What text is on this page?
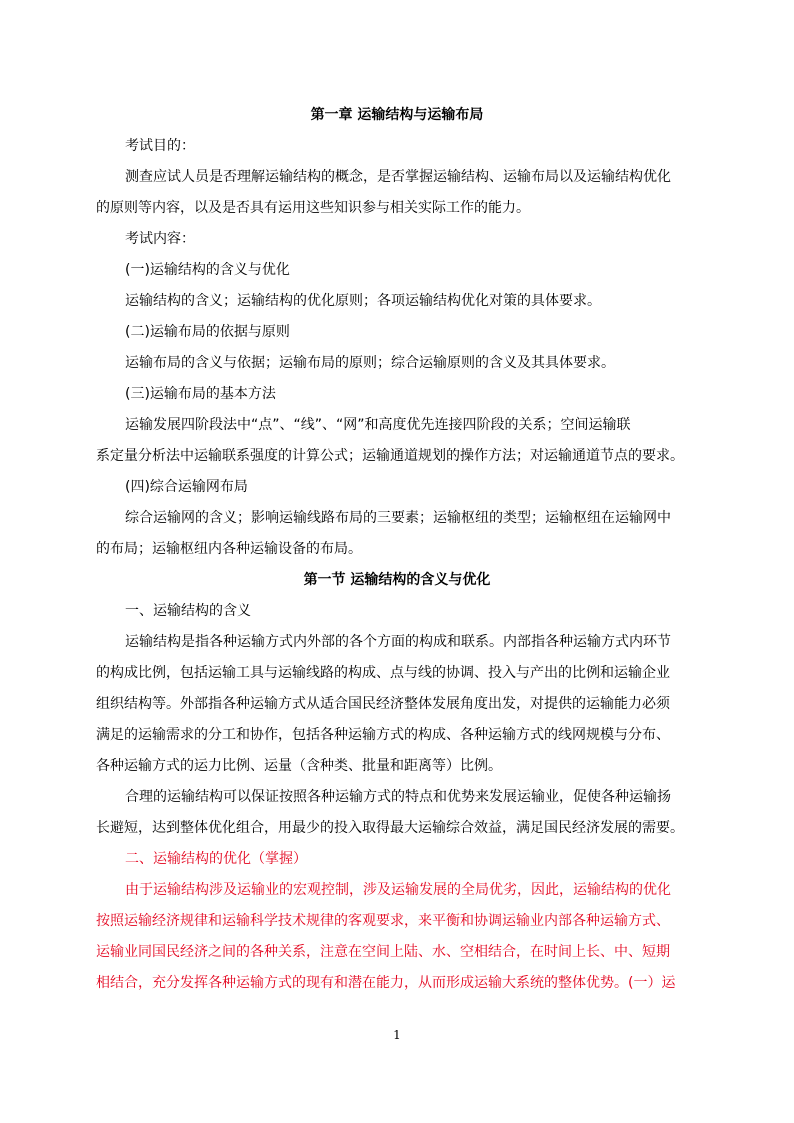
第一章 运输结构与运输布局
考试目的：
测查应试人员是否理解运输结构的概念，是否掌握运输结构、运输布局以及运输结构优化
的原则等内容，以及是否具有运用这些知识参与相关实际工作的能力。
考试内容：
(一)运输结构的含义与优化
运输结构的含义；运输结构的优化原则；各项运输结构优化对策的具体要求。
(二)运输布局的依据与原则
运输布局的含义与依据；运输布局的原则；综合运输原则的含义及其具体要求。
(三)运输布局的基本方法
运输发展四阶段法中“点”、“线”、“网”和高度优先连接四阶段的关系；空间运输联
系定量分析法中运输联系强度的计算公式；运输通道规划的操作方法；对运输通道节点的要求。
(四)综合运输网布局
综合运输网的含义；影响运输线路布局的三要素；运输枢纽的类型；运输枢纽在运输网中
的布局；运输枢纽内各种运输设备的布局。
第一节 运输结构的含义与优化
一、运输结构的含义
运输结构是指各种运输方式内外部的各个方面的构成和联系。内部指各种运输方式内环节
的构成比例，包括运输工具与运输线路的构成、点与线的协调、投入与产出的比例和运输企业
组织结构等。外部指各种运输方式从适合国民经济整体发展角度出发，对提供的运输能力必须
满足的运输需求的分工和协作，包括各种运输方式的构成、各种运输方式的线网规模与分布、
各种运输方式的运力比例、运量（含种类、批量和距离等）比例。
合理的运输结构可以保证按照各种运输方式的特点和优势来发展运输业，促使各种运输扬
长避短，达到整体优化组合，用最少的投入取得最大运输综合效益，满足国民经济发展的需要。
二、运输结构的优化（掌握）
由于运输结构涉及运输业的宏观控制，涉及运输发展的全局优劣，因此，运输结构的优化
按照运输经济规律和运输科学技术规律的客观要求，来平衡和协调运输业内部各种运输方式、
运输业同国民经济之间的各种关系，注意在空间上陆、水、空相结合，在时间上长、中、短期
相结合，充分发挥各种运输方式的现有和潜在能力，从而形成运输大系统的整体优势。(一）运
1
